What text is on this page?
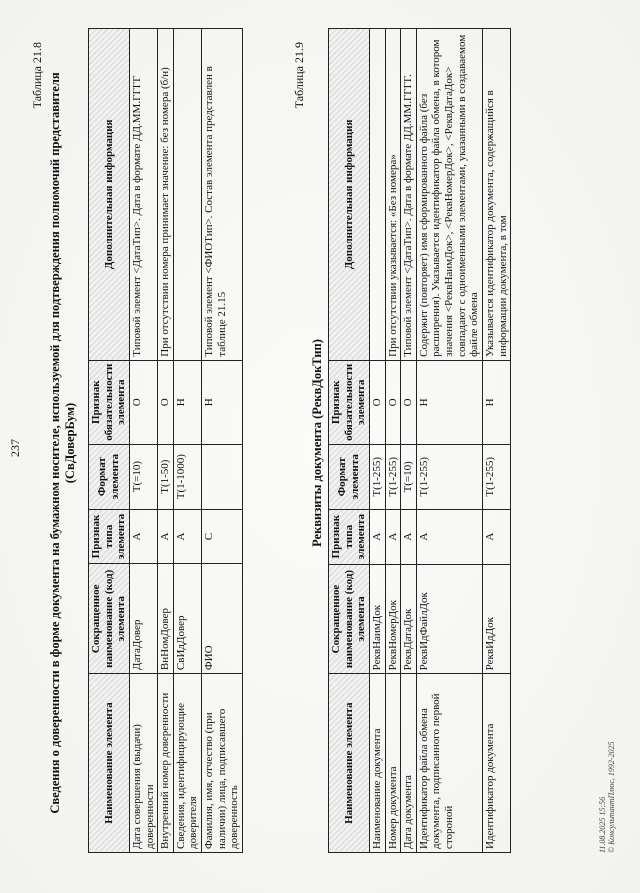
237
Таблица 21.8 Сведения о доверенности в форме документа на бумажном носителе, используемой для подтверждения полномочий представителя (СвДоверБум)
Наименование элемента	Сокращенное наименование (код) элемента	Признак типа элемента	Формат элемента	Признак обязательности элемента	Дополнительная информация
Дата совершения (выдачи) доверенности	ДатаДовер	А	T(=10)	О	Типовой элемент <ДатаТип>. Дата в формате ДД.ММ.ГГГГ
Внутренний номер доверенности	ВнНомДовер	А	T(1-50)	О	При отсутствии номера принимает значение: без номера (б/н)
Сведения, идентифицирующие доверителя	СвИдДовер	А	T(1-1000)	Н	
Фамилия, имя, отчество (при наличии) лица, подписавшего доверенность	ФИО	С		Н	Типовой элемент <ФИОТип>. Состав элемента представлен в таблице 21.15
Таблица 21.9
Реквизиты документа (РеквДокТип)
Наименование элемента	Сокращенное наименование (код) элемента	Признак типа элемента	Формат элемента	Признак обязательности элемента	Дополнительная информация
Наименование документа	РеквНаимДок	А	T(1-255)	О	
Номер документа	РеквНомерДок	А	T(1-255)	О	При отсутствии указывается: «Без номера»
Дата документа	РеквДатаДок	А	T(=10)	О	Типовой элемент <ДатаТип>. Дата в формате ДД.ММ.ГГГГ.
Идентификатор файла обмена документа, подписанного первой стороной	РеквИдФайлДок	А	T(1-255)	Н	Содержит (повторяет) имя сформированного файла (без расширения). Указывается идентификатор файла обмена, в котором значения <РеквНаимДок>, <РеквНомерДок>, <РеквДатаДок> совпадают с одноименными элементами, указанными в создаваемом файле обмена
Идентификатор документа	РеквИдДок	А	T(1-255)	Н	Указывается идентификатор документа, содержащийся в информации документа, в том
11.08.2025 15:56 © КонсультантПлюс, 1992-2025
